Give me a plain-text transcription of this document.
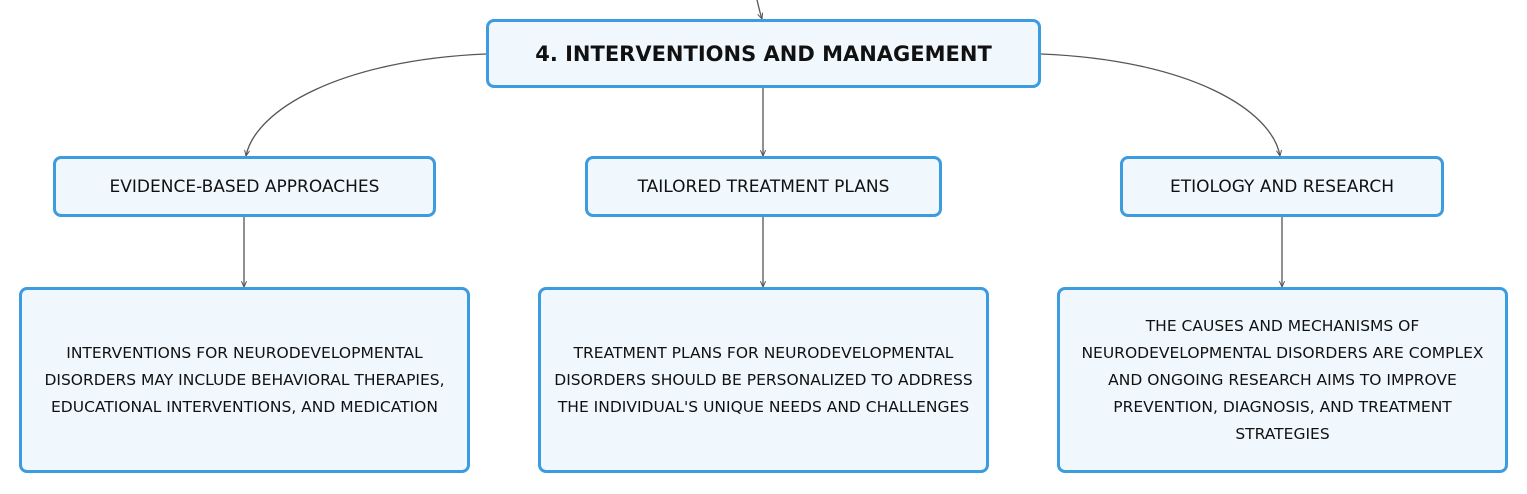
4. INTERVENTIONS AND MANAGEMENT
EVIDENCE-BASED APPROACHES	TAILORED TREATMENT PLANS	ETIOLOGY AND RESEARCH
INTERVENTIONS FOR NEURODEVELOPMENTAL DISORDERS MAY INCLUDE BEHAVIORAL THERAPIES, EDUCATIONAL INTERVENTIONS, AND MEDICATION
TREATMENT PLANS FOR NEURODEVELOPMENTAL DISORDERS SHOULD BE PERSONALIZED TO ADDRESS THE INDIVIDUAL'S UNIQUE NEEDS AND CHALLENGES
THE CAUSES AND MECHANISMS OF NEURODEVELOPMENTAL DISORDERS ARE COMPLEX AND ONGOING RESEARCH AIMS TO IMPROVE PREVENTION, DIAGNOSIS, AND TREATMENT STRATEGIES
